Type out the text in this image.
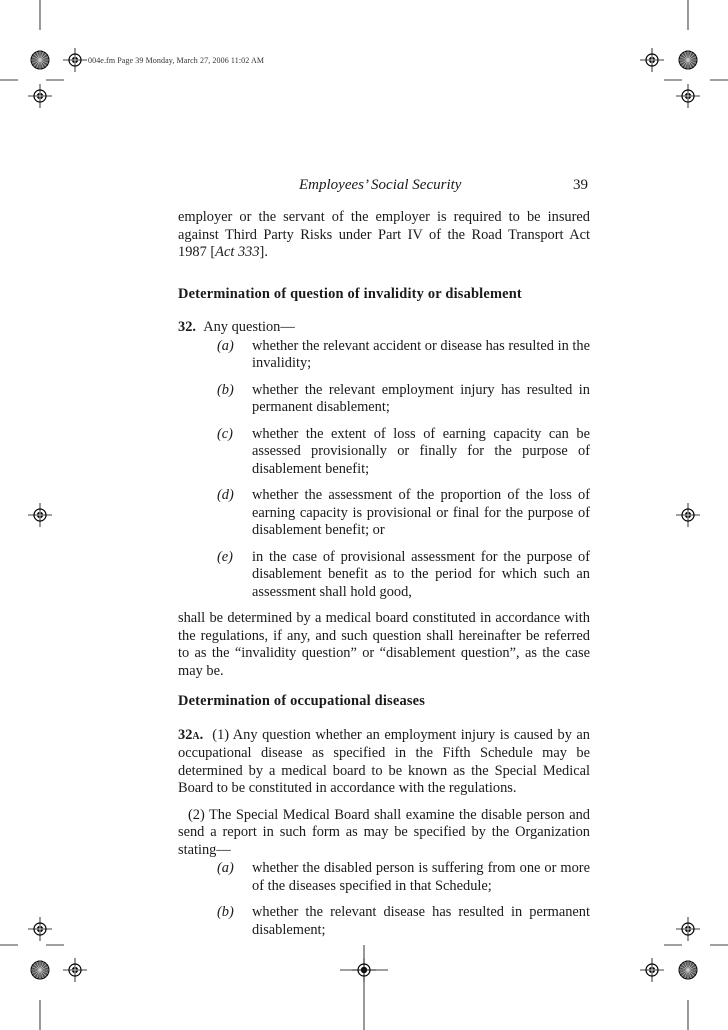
004e.fm Page 39 Monday, March 27, 2006 11:02 AM
Employees’ Social Security	39

employer or the servant of the employer is required to be insured against Third Party Risks under Part IV of the Road Transport Act 1987 [Act 333].

Determination of question of invalidity or disablement

32. Any question—

(a)	whether the relevant accident or disease has resulted in the invalidity;
(b)	whether the relevant employment injury has resulted in permanent disablement;
(c)	whether the extent of loss of earning capacity can be assessed provisionally or finally for the purpose of disablement benefit;
(d)	whether the assessment of the proportion of the loss of earning capacity is provisional or final for the purpose of disablement benefit; or
(e)	in the case of provisional assessment for the purpose of disablement benefit as to the period for which such an assessment shall hold good,

shall be determined by a medical board constituted in accordance with the regulations, if any, and such question shall hereinafter be referred to as the “invalidity question” or “disablement question”, as the case may be.

Determination of occupational diseases

32A. (1) Any question whether an employment injury is caused by an occupational disease as specified in the Fifth Schedule may be determined by a medical board to be known as the Special Medical Board to be constituted in accordance with the regulations.

(2) The Special Medical Board shall examine the disable person and send a report in such form as may be specified by the Organization stating—

(a)	whether the disabled person is suffering from one or more of the diseases specified in that Schedule;
(b)	whether the relevant disease has resulted in permanent disablement;
